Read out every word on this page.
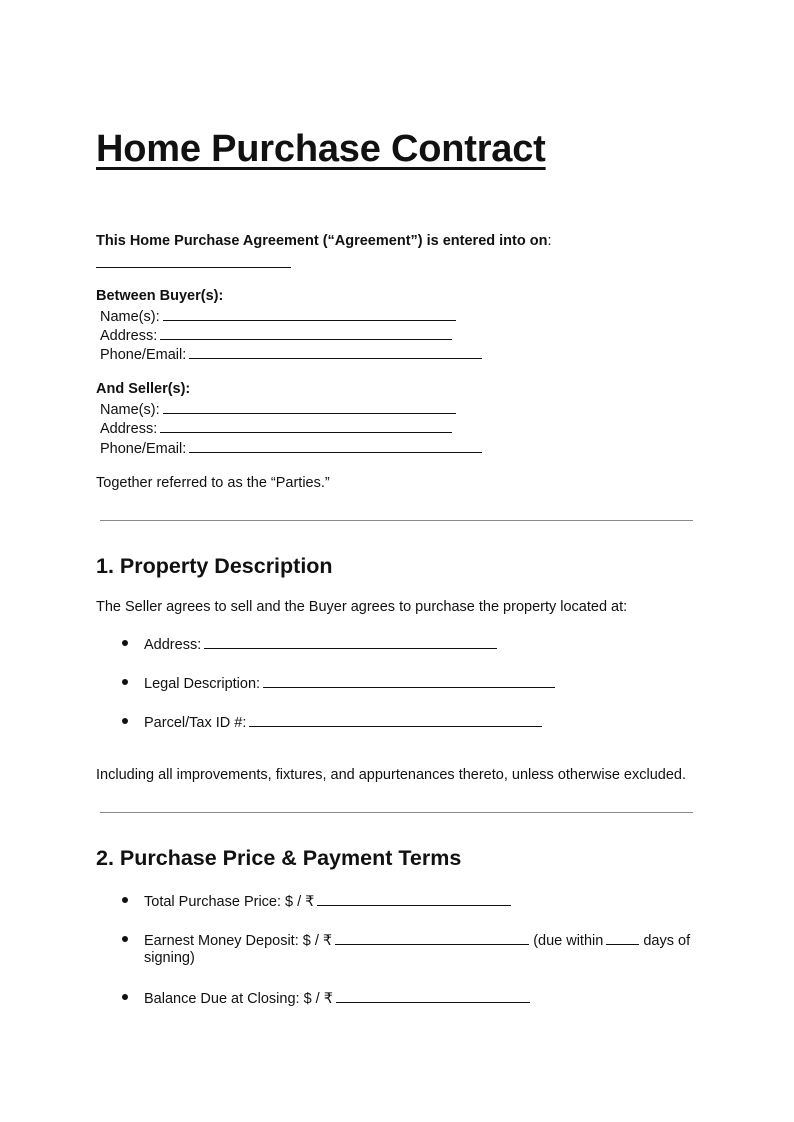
Home Purchase Contract
This Home Purchase Agreement (“Agreement”) is entered into on:
Between Buyer(s):
Name(s):
Address:
Phone/Email:
And Seller(s):
Name(s):
Address:
Phone/Email:
Together referred to as the “Parties.”
1. Property Description
The Seller agrees to sell and the Buyer agrees to purchase the property located at:
Address:
Legal Description:
Parcel/Tax ID #:
Including all improvements, fixtures, and appurtenances thereto, unless otherwise excluded.
2. Purchase Price & Payment Terms
Total Purchase Price: $ / ₹
Earnest Money Deposit: $ / ₹	(due within	days of
signing)
Balance Due at Closing: $ / ₹
